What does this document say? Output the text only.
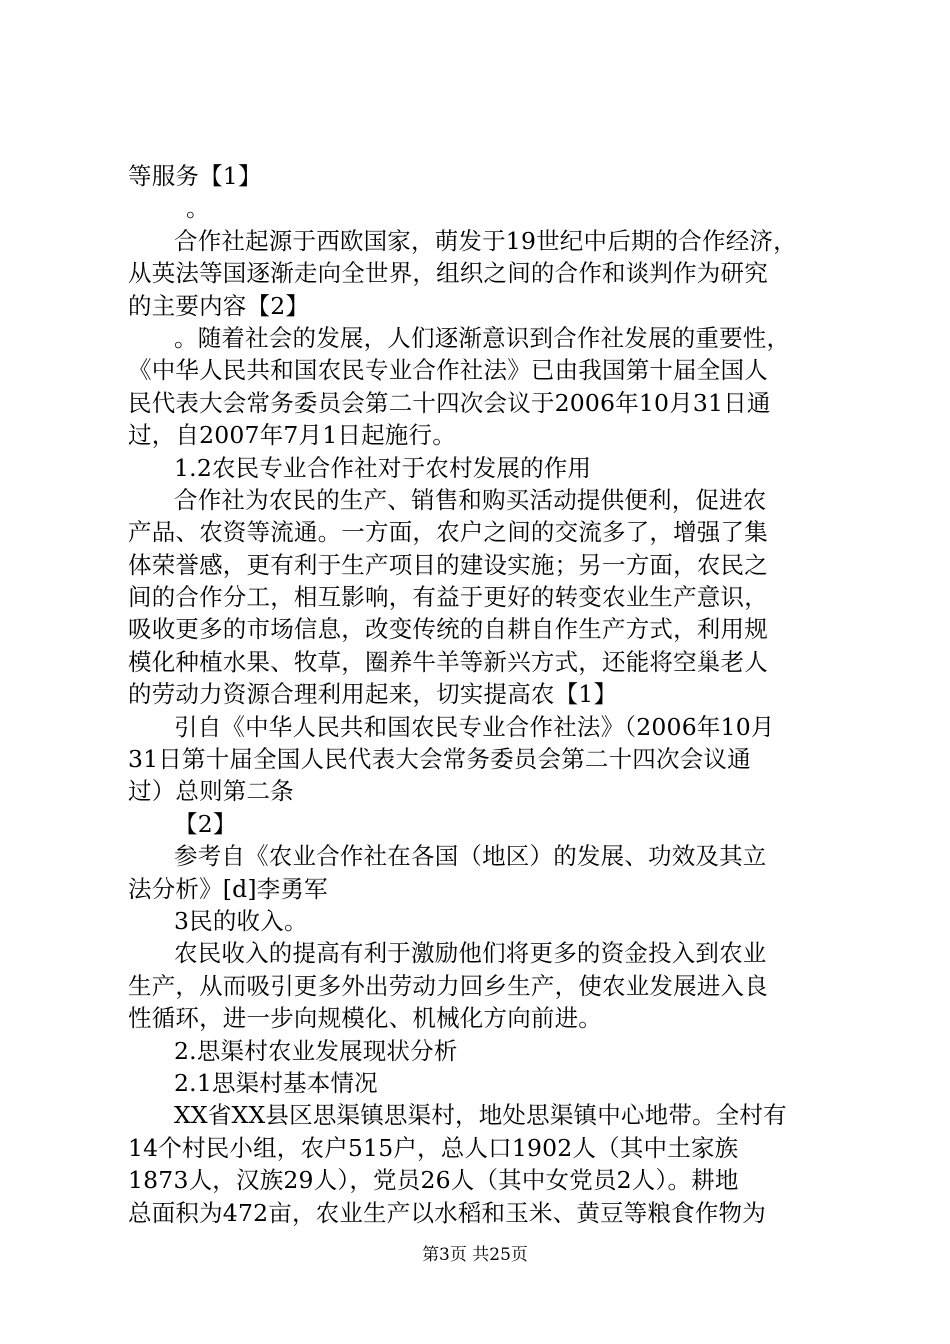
等服务【1】
。
合作社起源于西欧国家，萌发于19世纪中后期的合作经济，
从英法等国逐渐走向全世界，组织之间的合作和谈判作为研究
的主要内容【2】
。随着社会的发展，人们逐渐意识到合作社发展的重要性，
《中华人民共和国农民专业合作社法》已由我国第十届全国人
民代表大会常务委员会第二十四次会议于2006年10月31日通
过，自2007年7月1日起施行。
1.2农民专业合作社对于农村发展的作用
合作社为农民的生产、销售和购买活动提供便利，促进农
产品、农资等流通。一方面，农户之间的交流多了，增强了集
体荣誉感，更有利于生产项目的建设实施；另一方面，农民之
间的合作分工，相互影响，有益于更好的转变农业生产意识，
吸收更多的市场信息，改变传统的自耕自作生产方式，利用规
模化种植水果、牧草，圈养牛羊等新兴方式，还能将空巢老人
的劳动力资源合理利用起来，切实提高农【1】
引自《中华人民共和国农民专业合作社法》（2006年10月
31日第十届全国人民代表大会常务委员会第二十四次会议通
过）总则第二条
【2】
参考自《农业合作社在各国（地区）的发展、功效及其立
法分析》[d]李勇军
3民的收入。
农民收入的提高有利于激励他们将更多的资金投入到农业
生产，从而吸引更多外出劳动力回乡生产，使农业发展进入良
性循环，进一步向规模化、机械化方向前进。
2.思渠村农业发展现状分析
2.1思渠村基本情况
XX省XX县区思渠镇思渠村，地处思渠镇中心地带。全村有
14个村民小组，农户515户，总人口1902人（其中土家族
1873人，汉族29人），党员26人（其中女党员2人）。耕地
总面积为472亩，农业生产以水稻和玉米、黄豆等粮食作物为
第3页 共25页
